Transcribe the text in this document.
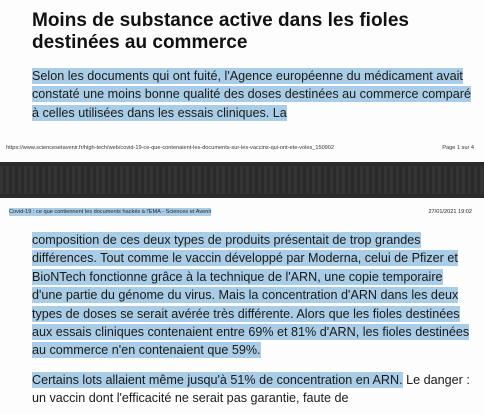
Moins de substance active dans les fioles destinées au commerce
Selon les documents qui ont fuité, l'Agence européenne du médicament avait constaté une moins bonne qualité des doses destinées au commerce comparé à celles utilisées dans les essais cliniques. La
https://www.sciencesetavenir.fr/high-tech/web/covid-19-ce-que-contenaient-les-documents-sur-les-vaccins-qui-ont-ete-voles_150902	Page 1 sur 4
Covid-19 : ce que contiennent les documents hackés à l'EMA - Sciences et Avenir	27/01/2021 19:02
composition de ces deux types de produits présentait de trop grandes différences. Tout comme le vaccin développé par Moderna, celui de Pfizer et BioNTech fonctionne grâce à la technique de l'ARN, une copie temporaire d'une partie du génome du virus. Mais la concentration d'ARN dans les deux types de doses se serait avérée très différente. Alors que les fioles destinées aux essais cliniques contenaient entre 69% et 81% d'ARN, les fioles destinées au commerce n'en contenaient que 59%.
Certains lots allaient même jusqu'à 51% de concentration en ARN. Le danger : un vaccin dont l'efficacité ne serait pas garantie, faute de
